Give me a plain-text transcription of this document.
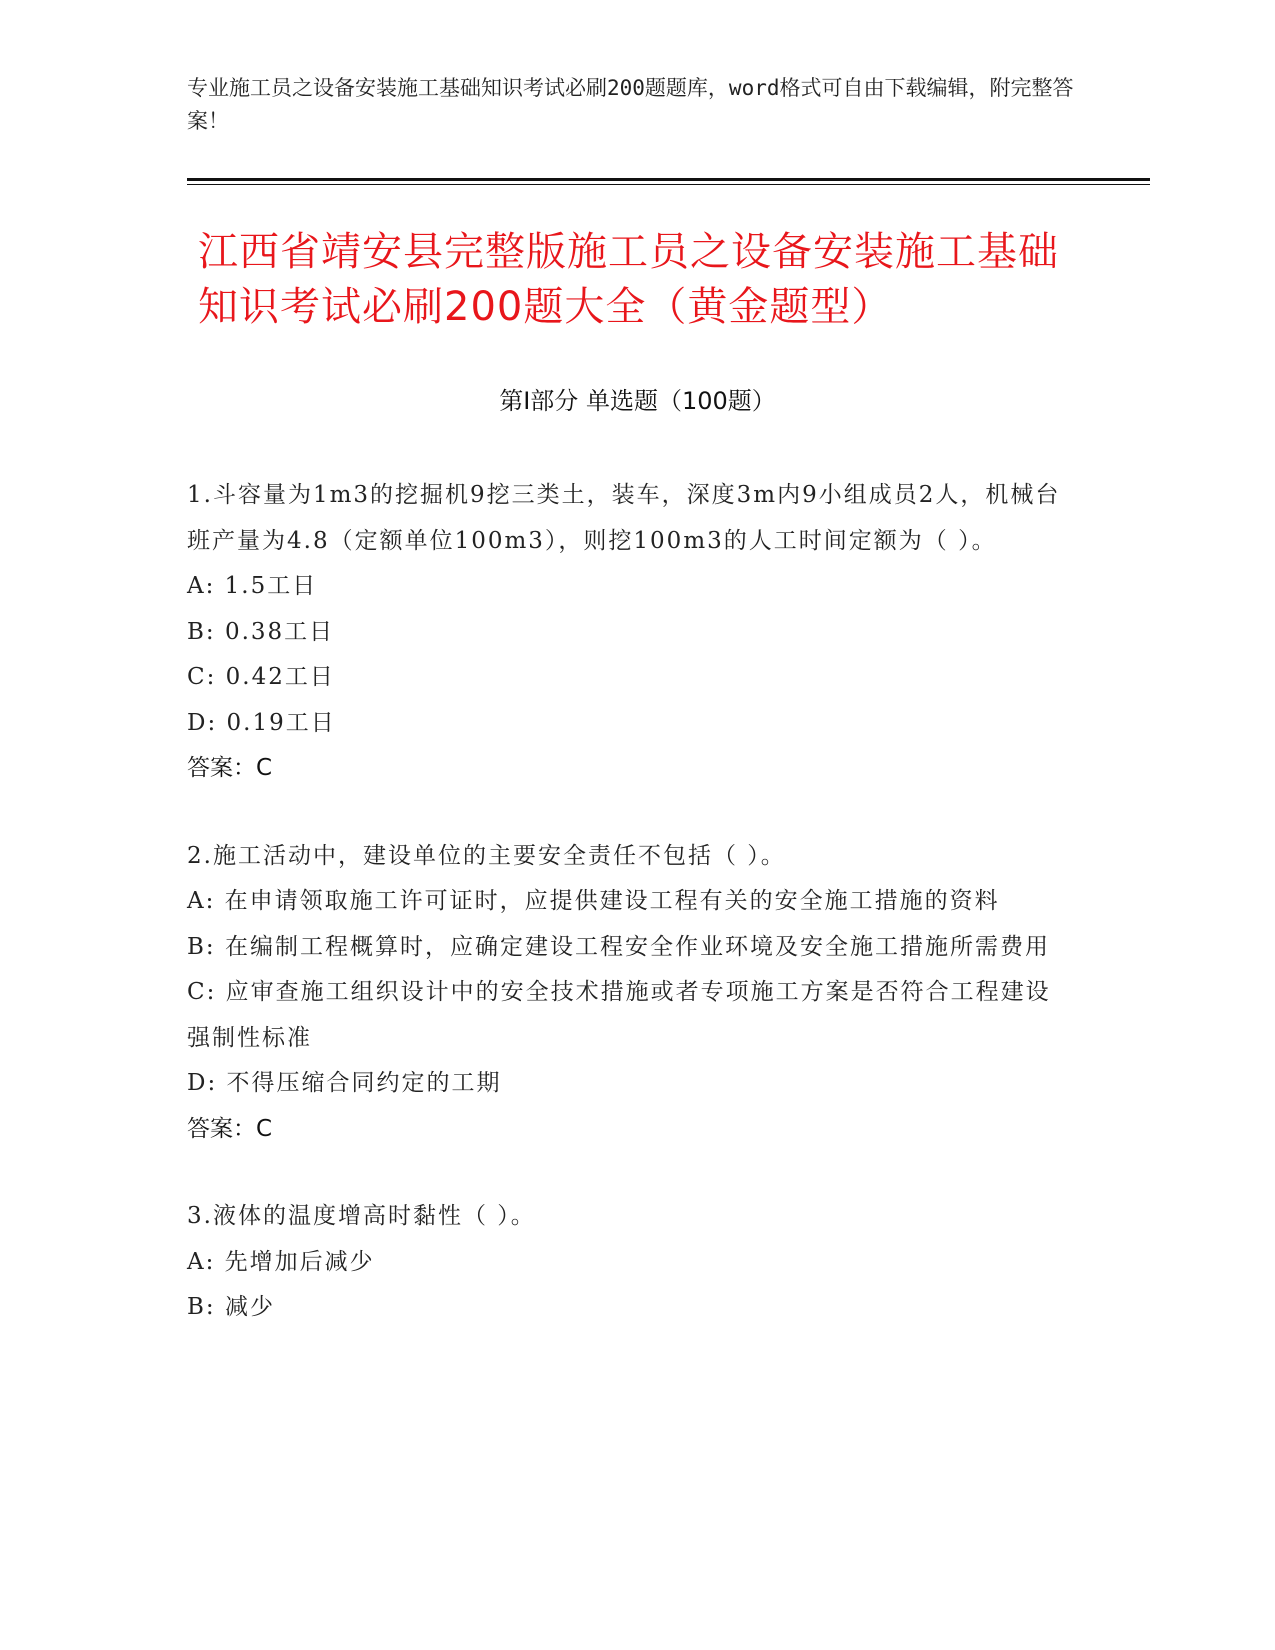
专业施工员之设备安装施工基础知识考试必刷200题题库，word格式可自由下载编辑，附完整答案！
江西省靖安县完整版施工员之设备安装施工基础知识考试必刷200题大全（黄金题型）
第Ⅰ部分 单选题（100题）

1.斗容量为1m3的挖掘机9挖三类土，装车，深度3m内9小组成员2人，机械台班产量为4.8（定额单位100m3），则挖100m3的人工时间定额为（ ）。

A: 1.5工日

B: 0.38工日

C: 0.42工日

D: 0.19工日

答案：C

2.施工活动中，建设单位的主要安全责任不包括（ ）。

A: 在申请领取施工许可证时，应提供建设工程有关的安全施工措施的资料

B: 在编制工程概算时，应确定建设工程安全作业环境及安全施工措施所需费用

C: 应审查施工组织设计中的安全技术措施或者专项施工方案是否符合工程建设强制性标准

D: 不得压缩合同约定的工期

答案：C

3.液体的温度增高时黏性（ ）。

A: 先增加后减少

B: 减少
